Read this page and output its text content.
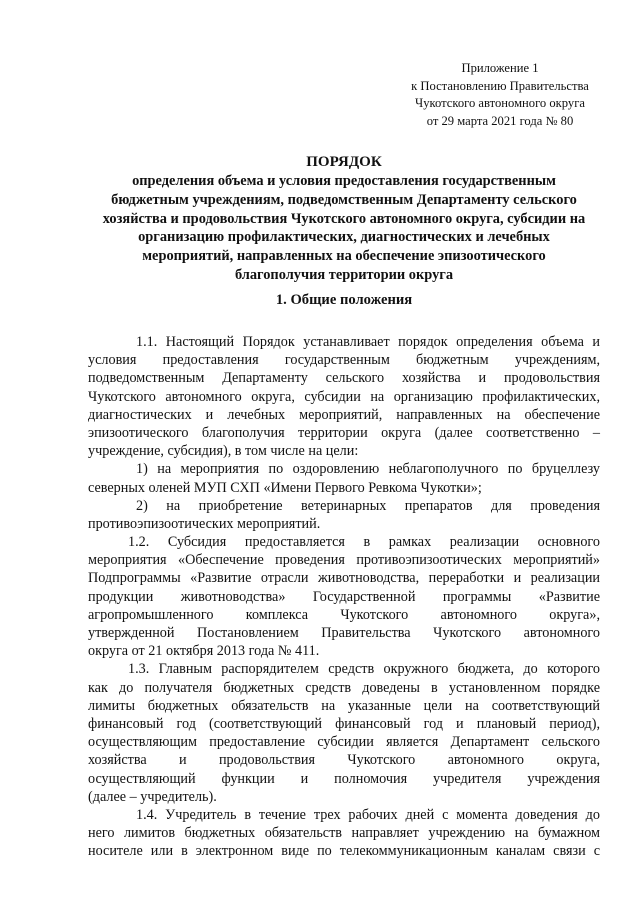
Приложение 1
к Постановлению Правительства
Чукотского автономного округа
от 29 марта 2021 года № 80
ПОРЯДОК
определения объема и условия предоставления государственным
бюджетным учреждениям, подведомственным Департаменту сельского
хозяйства и продовольствия Чукотского автономного округа, субсидии на
организацию профилактических, диагностических и лечебных
мероприятий, направленных на обеспечение эпизоотического
благополучия территории округа
1. Общие положения
1.1. Настоящий Порядок устанавливает порядок определения объема и
условия предоставления государственным бюджетным учреждениям,
подведомственным Департаменту сельского хозяйства и продовольствия
Чукотского автономного округа, субсидии на организацию профилактических,
диагностических и лечебных мероприятий, направленных на обеспечение
эпизоотического благополучия территории округа (далее соответственно –
учреждение, субсидия), в том числе на цели:
1) на мероприятия по оздоровлению неблагополучного по бруцеллезу
северных оленей МУП СХП «Имени Первого Ревкома Чукотки»;
2) на приобретение ветеринарных препаратов для проведения
противоэпизоотических мероприятий.
1.2. Субсидия предоставляется в рамках реализации основного
мероприятия «Обеспечение проведения противоэпизоотических мероприятий»
Подпрограммы «Развитие отрасли животноводства, переработки и реализации
продукции животноводства» Государственной программы «Развитие
агропромышленного комплекса Чукотского автономного округа»,
утвержденной Постановлением Правительства Чукотского автономного
округа от 21 октября 2013 года № 411.
1.3. Главным распорядителем средств окружного бюджета, до которого
как до получателя бюджетных средств доведены в установленном порядке
лимиты бюджетных обязательств на указанные цели на соответствующий
финансовый год (соответствующий финансовый год и плановый период),
осуществляющим предоставление субсидии является Департамент сельского
хозяйства и продовольствия Чукотского автономного округа,
осуществляющий функции и полномочия учредителя учреждения
(далее – учредитель).
1.4. Учредитель в течение трех рабочих дней с момента доведения до
него лимитов бюджетных обязательств направляет учреждению на бумажном
носителе или в электронном виде по телекоммуникационным каналам связи с
